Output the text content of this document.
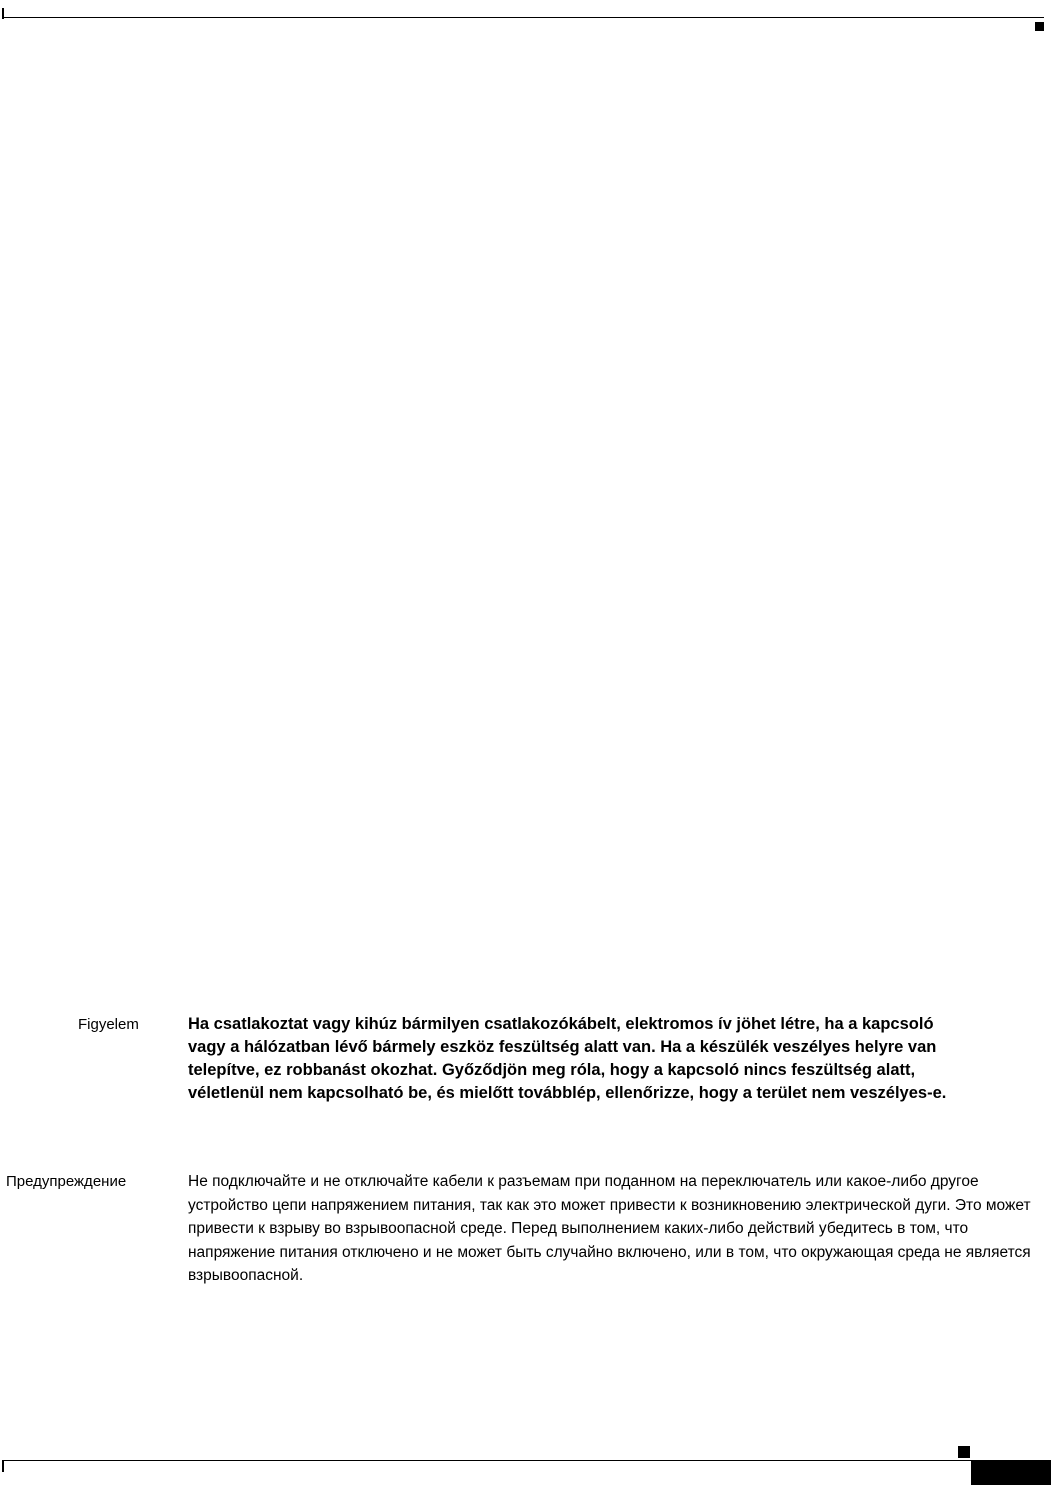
Figyelem	Ha csatlakoztat vagy kihúz bármilyen csatlakozókábelt, elektromos ív jöhet létre, ha a kapcsoló vagy a hálózatban lévő bármely eszköz feszültség alatt van. Ha a készülék veszélyes helyre van telepítve, ez robbanást okozhat. Győződjön meg róla, hogy a kapcsoló nincs feszültség alatt, véletlenül nem kapcsolható be, és mielőtt továbblép, ellenőrizze, hogy a terület nem veszélyes-e.

Предупреждение	Не подключайте и не отключайте кабели к разъемам при поданном на переключатель или какое-либо другое устройство цепи напряжением питания, так как это может привести к возникновению электрической дуги. Это может привести к взрыву во взрывоопасной среде. Перед выполнением каких-либо действий убедитесь в том, что напряжение питания отключено и не может быть случайно включено, или в том, что окружающая среда не является взрывоопасной.
